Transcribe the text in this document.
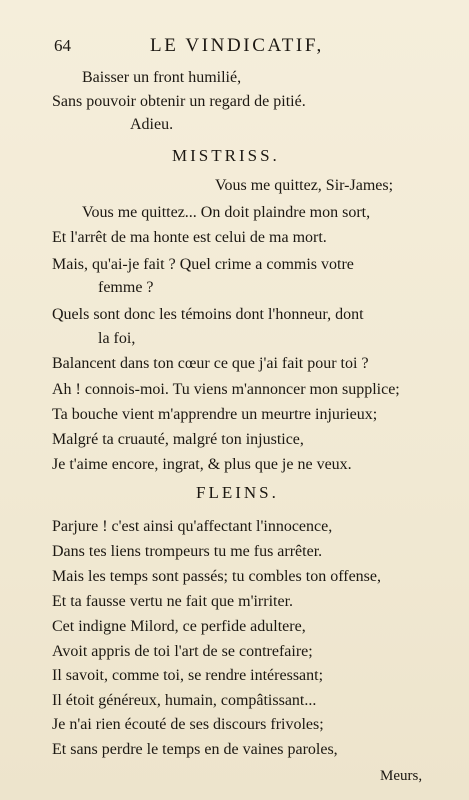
64	LE VINDICATIF,
Baisser un front humilié,
Sans pouvoir obtenir un regard de pitié.
Adieu.
MISTRISS.
Vous me quittez, Sir-James;
Vous me quittez... On doit plaindre mon sort,
Et l'arrêt de ma honte est celui de ma mort.
Mais, qu'ai-je fait ? Quel crime a commis votre
femme ?
Quels sont donc les témoins dont l'honneur, dont
la foi,
Balancent dans ton cœur ce que j'ai fait pour toi ?
Ah ! connois-moi. Tu viens m'annoncer mon supplice;
Ta bouche vient m'apprendre un meurtre injurieux;
Malgré ta cruauté, malgré ton injustice,
Je t'aime encore, ingrat, & plus que je ne veux.
FLEINS.
Parjure ! c'est ainsi qu'affectant l'innocence,
Dans tes liens trompeurs tu me fus arrêter.
Mais les temps sont passés; tu combles ton offense,
Et ta fausse vertu ne fait que m'irriter.
Cet indigne Milord, ce perfide adultere,
Avoit appris de toi l'art de se contrefaire;
Il savoit, comme toi, se rendre intéressant;
Il étoit généreux, humain, compâtissant...
Je n'ai rien écouté de ses discours frivoles;
Et sans perdre le temps en de vaines paroles,
Meurs,
